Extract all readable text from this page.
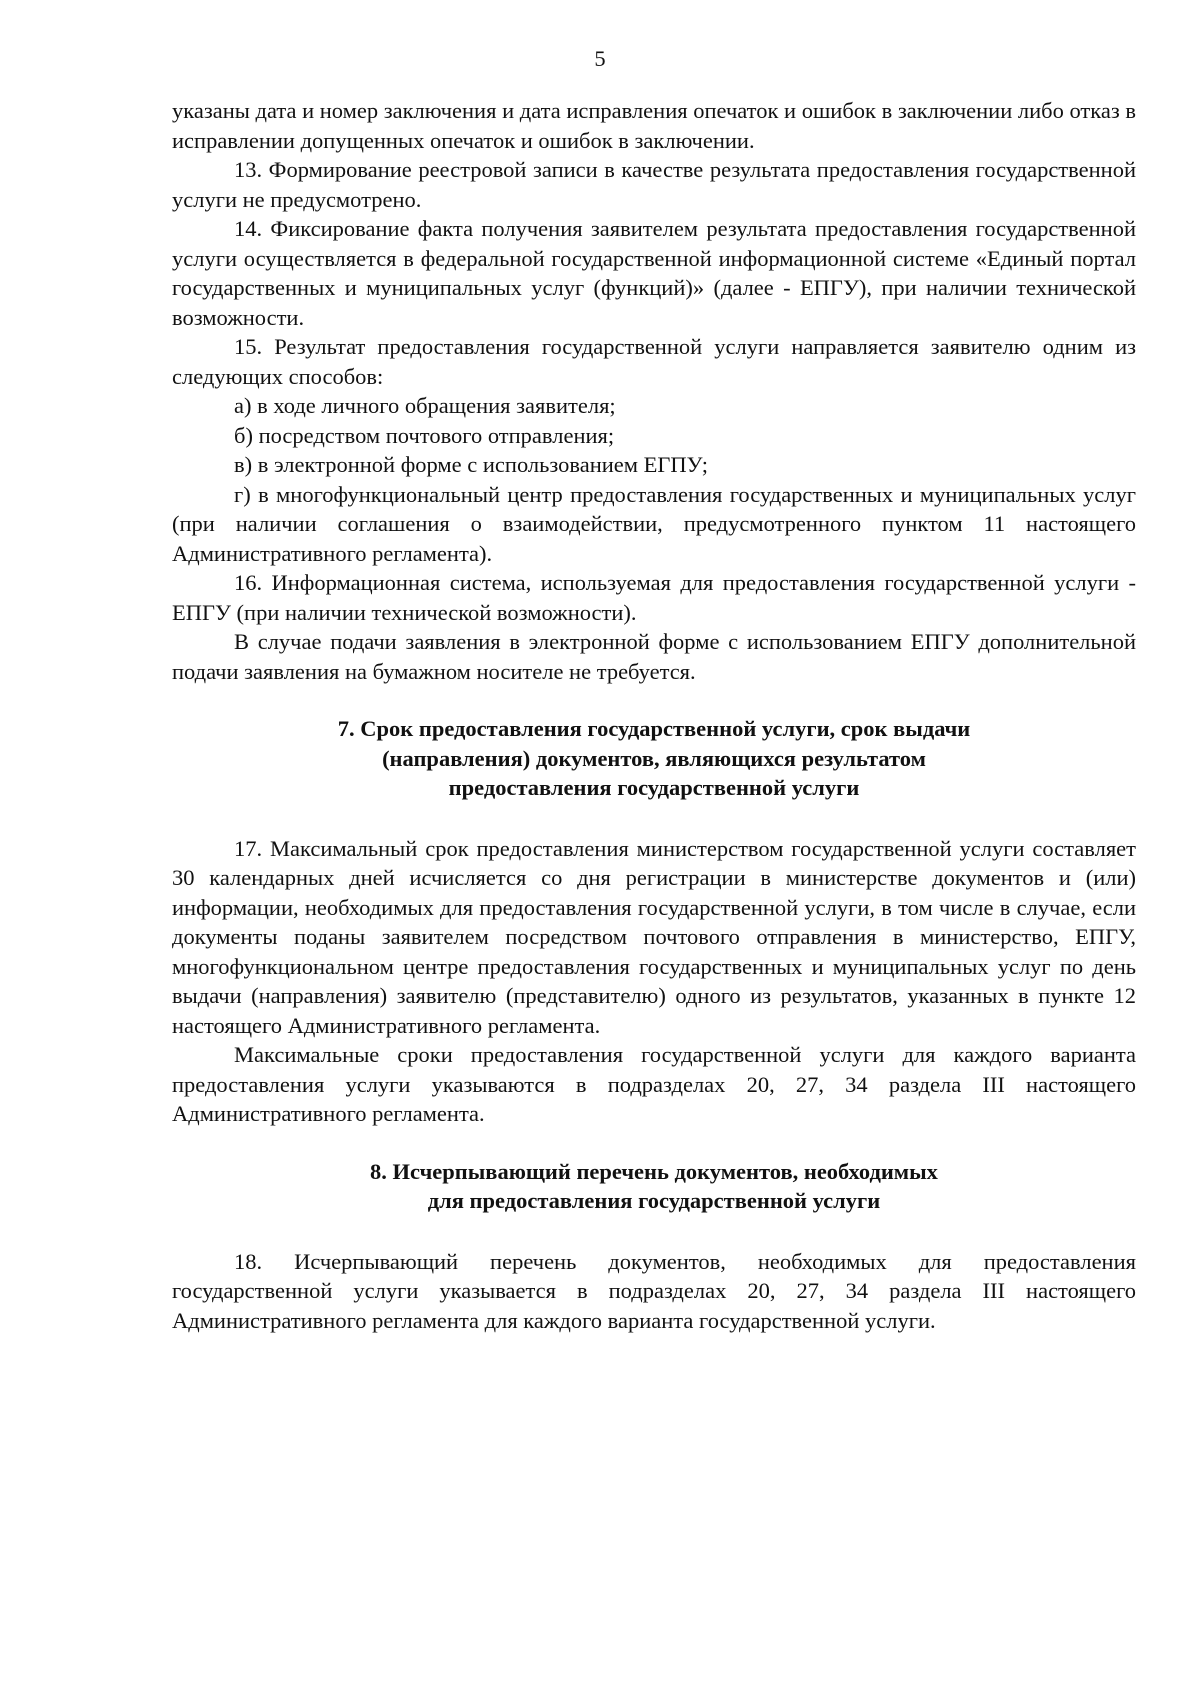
5

указаны дата и номер заключения и дата исправления опечаток и ошибок в заключении либо отказ в исправлении допущенных опечаток и ошибок в заключении.

13. Формирование реестровой записи в качестве результата предоставления государственной услуги не предусмотрено.

14. Фиксирование факта получения заявителем результата предоставления государственной услуги осуществляется в федеральной государственной информационной системе «Единый портал государственных и муниципальных услуг (функций)» (далее - ЕПГУ), при наличии технической возможности.

15. Результат предоставления государственной услуги направляется заявителю одним из следующих способов:

а) в ходе личного обращения заявителя;

б) посредством почтового отправления;

в) в электронной форме с использованием ЕГПУ;

г) в многофункциональный центр предоставления государственных и муниципальных услуг (при наличии соглашения о взаимодействии, предусмотренного пунктом 11 настоящего Административного регламента).

16. Информационная система, используемая для предоставления государственной услуги - ЕПГУ (при наличии технической возможности).

В случае подачи заявления в электронной форме с использованием ЕПГУ дополнительной подачи заявления на бумажном носителе не требуется.

7. Срок предоставления государственной услуги, срок выдачи
(направления) документов, являющихся результатом
предоставления государственной услуги

17. Максимальный срок предоставления министерством государственной услуги составляет 30 календарных дней исчисляется со дня регистрации в министерстве документов и (или) информации, необходимых для предоставления государственной услуги, в том числе в случае, если документы поданы заявителем посредством почтового отправления в министерство, ЕПГУ, многофункциональном центре предоставления государственных и муниципальных услуг по день выдачи (направления) заявителю (представителю) одного из результатов, указанных в пункте 12 настоящего Административного регламента.

Максимальные сроки предоставления государственной услуги для каждого варианта предоставления услуги указываются в подразделах 20, 27, 34 раздела III настоящего Административного регламента.

8. Исчерпывающий перечень документов, необходимых
для предоставления государственной услуги

18. Исчерпывающий перечень документов, необходимых для предоставления государственной услуги указывается в подразделах 20, 27, 34 раздела III настоящего Административного регламента для каждого варианта государственной услуги.
